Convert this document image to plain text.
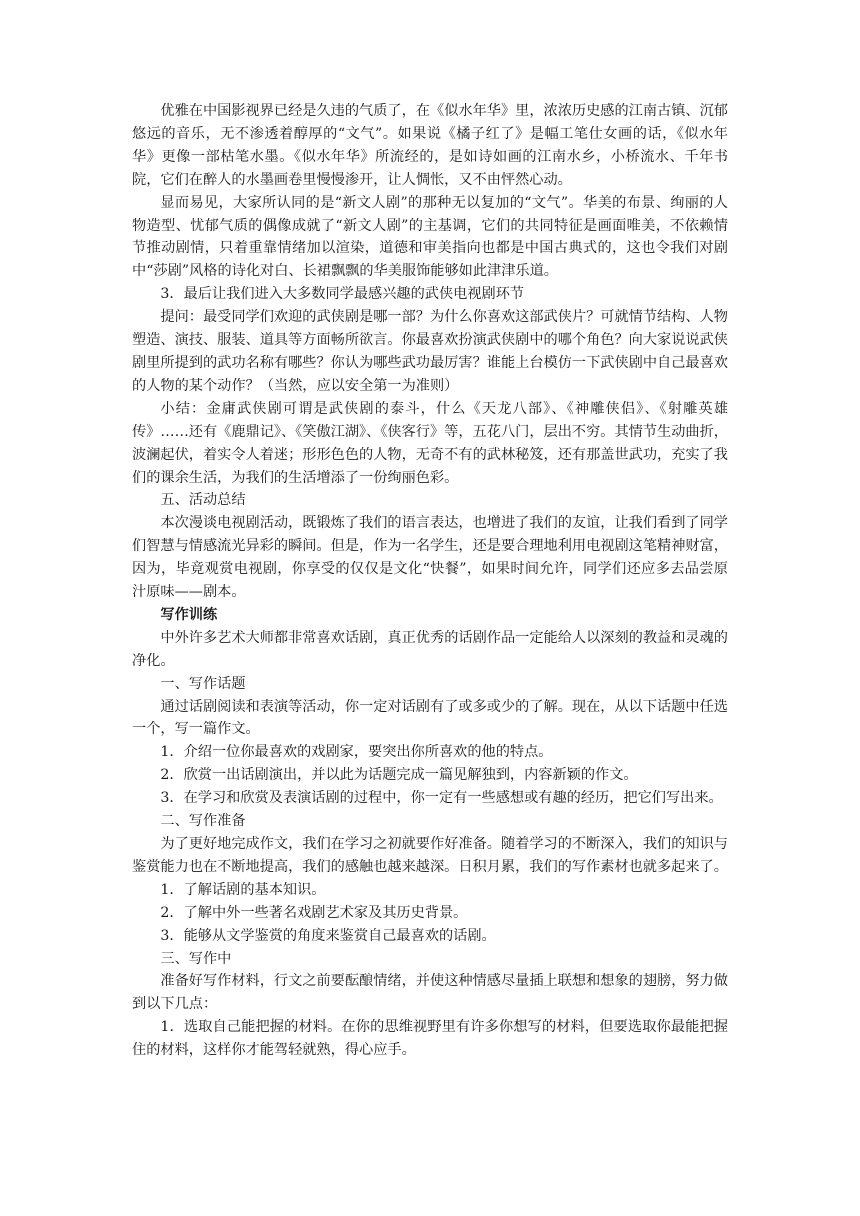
优雅在中国影视界已经是久违的气质了，在《似水年华》里，浓浓历史感的江南古镇、沉郁悠远的音乐，无不渗透着醇厚的“文气”。如果说《橘子红了》是幅工笔仕女画的话，《似水年华》更像一部枯笔水墨。《似水年华》所流经的，是如诗如画的江南水乡，小桥流水、千年书院，它们在醉人的水墨画卷里慢慢渗开，让人惆怅，又不由怦然心动。

显而易见，大家所认同的是“新文人剧”的那种无以复加的“文气”。华美的布景、绚丽的人物造型、忧郁气质的偶像成就了“新文人剧”的主基调，它们的共同特征是画面唯美，不依赖情节推动剧情，只着重靠情绪加以渲染，道德和审美指向也都是中国古典式的，这也令我们对剧中“莎剧”风格的诗化对白、长裙飘飘的华美服饰能够如此津津乐道。

3．最后让我们进入大多数同学最感兴趣的武侠电视剧环节

提问：最受同学们欢迎的武侠剧是哪一部？为什么你喜欢这部武侠片？可就情节结构、人物塑造、演技、服装、道具等方面畅所欲言。你最喜欢扮演武侠剧中的哪个角色？向大家说说武侠剧里所提到的武功名称有哪些？你认为哪些武功最厉害？谁能上台模仿一下武侠剧中自己最喜欢的人物的某个动作？（当然，应以安全第一为准则）

小结：金庸武侠剧可谓是武侠剧的泰斗，什么《天龙八部》、《神雕侠侣》、《射雕英雄传》……还有《鹿鼎记》、《笑傲江湖》、《侠客行》等，五花八门，层出不穷。其情节生动曲折，波澜起伏，着实令人着迷；形形色色的人物，无奇不有的武林秘笈，还有那盖世武功，充实了我们的课余生活，为我们的生活增添了一份绚丽色彩。

五、活动总结

本次漫谈电视剧活动，既锻炼了我们的语言表达，也增进了我们的友谊，让我们看到了同学们智慧与情感流光异彩的瞬间。但是，作为一名学生，还是要合理地利用电视剧这笔精神财富，因为，毕竟观赏电视剧，你享受的仅仅是文化“快餐”，如果时间允许，同学们还应多去品尝原汁原味——剧本。

写作训练

中外许多艺术大师都非常喜欢话剧，真正优秀的话剧作品一定能给人以深刻的教益和灵魂的净化。

一、写作话题

通过话剧阅读和表演等活动，你一定对话剧有了或多或少的了解。现在，从以下话题中任选一个，写一篇作文。

1．介绍一位你最喜欢的戏剧家，要突出你所喜欢的他的特点。

2．欣赏一出话剧演出，并以此为话题完成一篇见解独到，内容新颖的作文。

3．在学习和欣赏及表演话剧的过程中，你一定有一些感想或有趣的经历，把它们写出来。

二、写作准备

为了更好地完成作文，我们在学习之初就要作好准备。随着学习的不断深入，我们的知识与鉴赏能力也在不断地提高，我们的感触也越来越深。日积月累，我们的写作素材也就多起来了。

1．了解话剧的基本知识。

2．了解中外一些著名戏剧艺术家及其历史背景。

3．能够从文学鉴赏的角度来鉴赏自己最喜欢的话剧。

三、写作中

准备好写作材料，行文之前要酝酿情绪，并使这种情感尽量插上联想和想象的翅膀，努力做到以下几点：

1．选取自己能把握的材料。在你的思维视野里有许多你想写的材料，但要选取你最能把握住的材料，这样你才能驾轻就熟，得心应手。
